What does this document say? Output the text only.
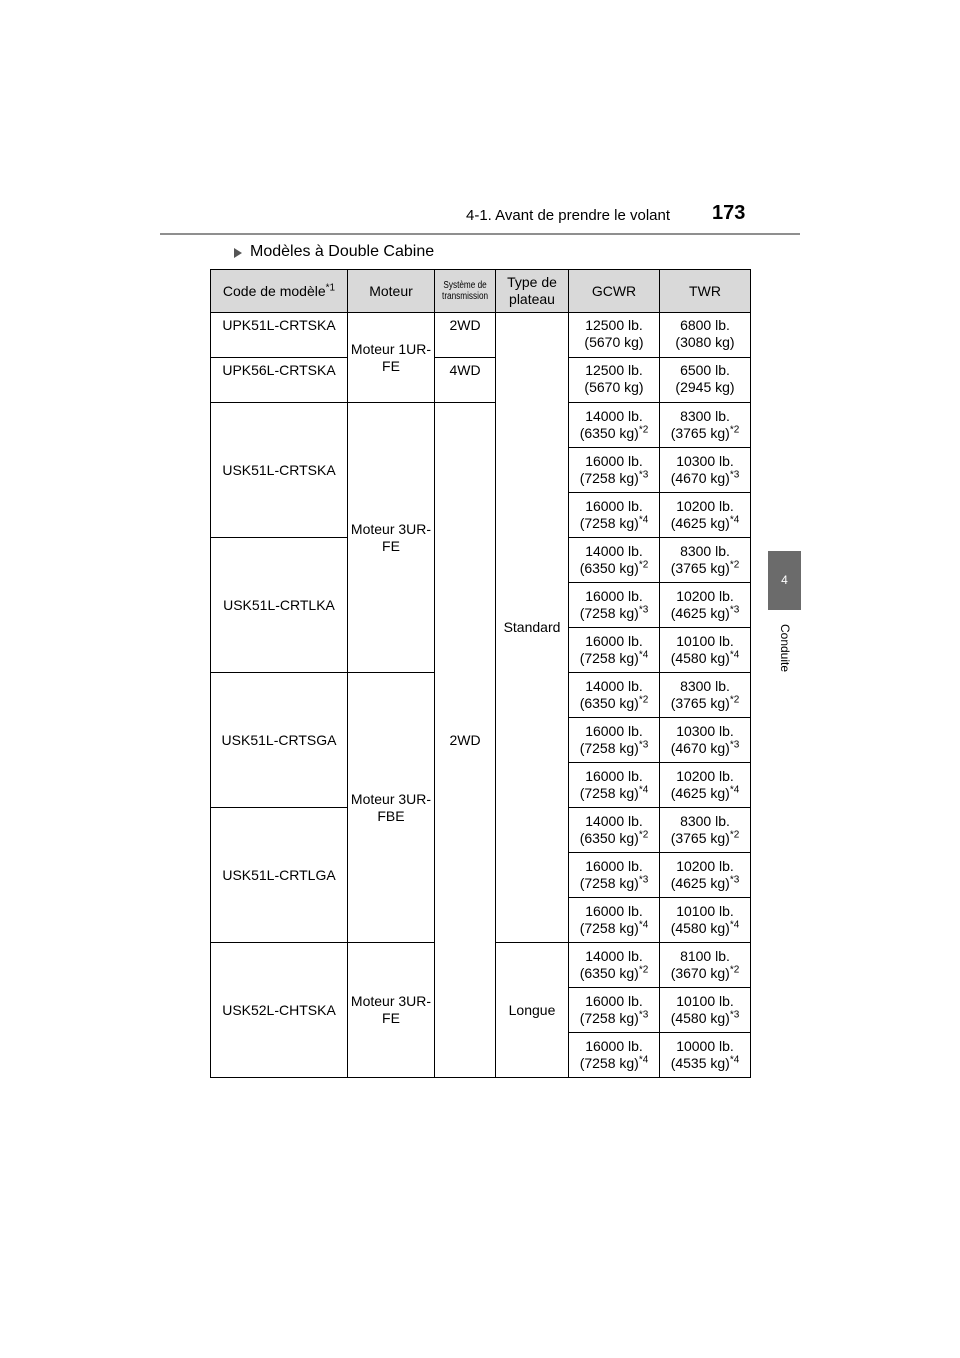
4-1. Avant de prendre le volant 173
4
Conduite
Modèles à Double Cabine
Code de modèle$^{*1}$	Moteur	Système de transmission	Type de plateau	GCWR	TWR
UPK51L-CRTSKA	Moteur 1UR-FE	2WD	Standard	12500 lb. (5670 kg)	6800 lb. (3080 kg)
UPK56L-CRTSKA		4WD		12500 lb. (5670 kg)	6500 lb. (2945 kg)
USK51L-CRTSKA	Moteur 3UR-FE	2WD		14000 lb. (6350 kg)$^{*2}$	8300 lb. (3765 kg)$^{*2}$
				16000 lb. (7258 kg)$^{*3}$	10300 lb. (4670 kg)$^{*3}$
				16000 lb. (7258 kg)$^{*4}$	10200 lb. (4625 kg)$^{*4}$
USK51L-CRTLKA				14000 lb. (6350 kg)$^{*2}$	8300 lb. (3765 kg)$^{*2}$
				16000 lb. (7258 kg)$^{*3}$	10200 lb. (4625 kg)$^{*3}$
				16000 lb. (7258 kg)$^{*4}$	10100 lb. (4580 kg)$^{*4}$
USK51L-CRTSGA	Moteur 3UR-FBE			14000 lb. (6350 kg)$^{*2}$	8300 lb. (3765 kg)$^{*2}$
				16000 lb. (7258 kg)$^{*3}$	10300 lb. (4670 kg)$^{*3}$
				16000 lb. (7258 kg)$^{*4}$	10200 lb. (4625 kg)$^{*4}$
USK51L-CRTLGA				14000 lb. (6350 kg)$^{*2}$	8300 lb. (3765 kg)$^{*2}$
				16000 lb. (7258 kg)$^{*3}$	10200 lb. (4625 kg)$^{*3}$
				16000 lb. (7258 kg)$^{*4}$	10100 lb. (4580 kg)$^{*4}$
USK52L-CHTSKA	Moteur 3UR-FE		Longue	14000 lb. (6350 kg)$^{*2}$	8100 lb. (3670 kg)$^{*2}$
				16000 lb. (7258 kg)$^{*3}$	10100 lb. (4580 kg)$^{*3}$
				16000 lb. (7258 kg)$^{*4}$	10000 lb. (4535 kg)$^{*4}$
